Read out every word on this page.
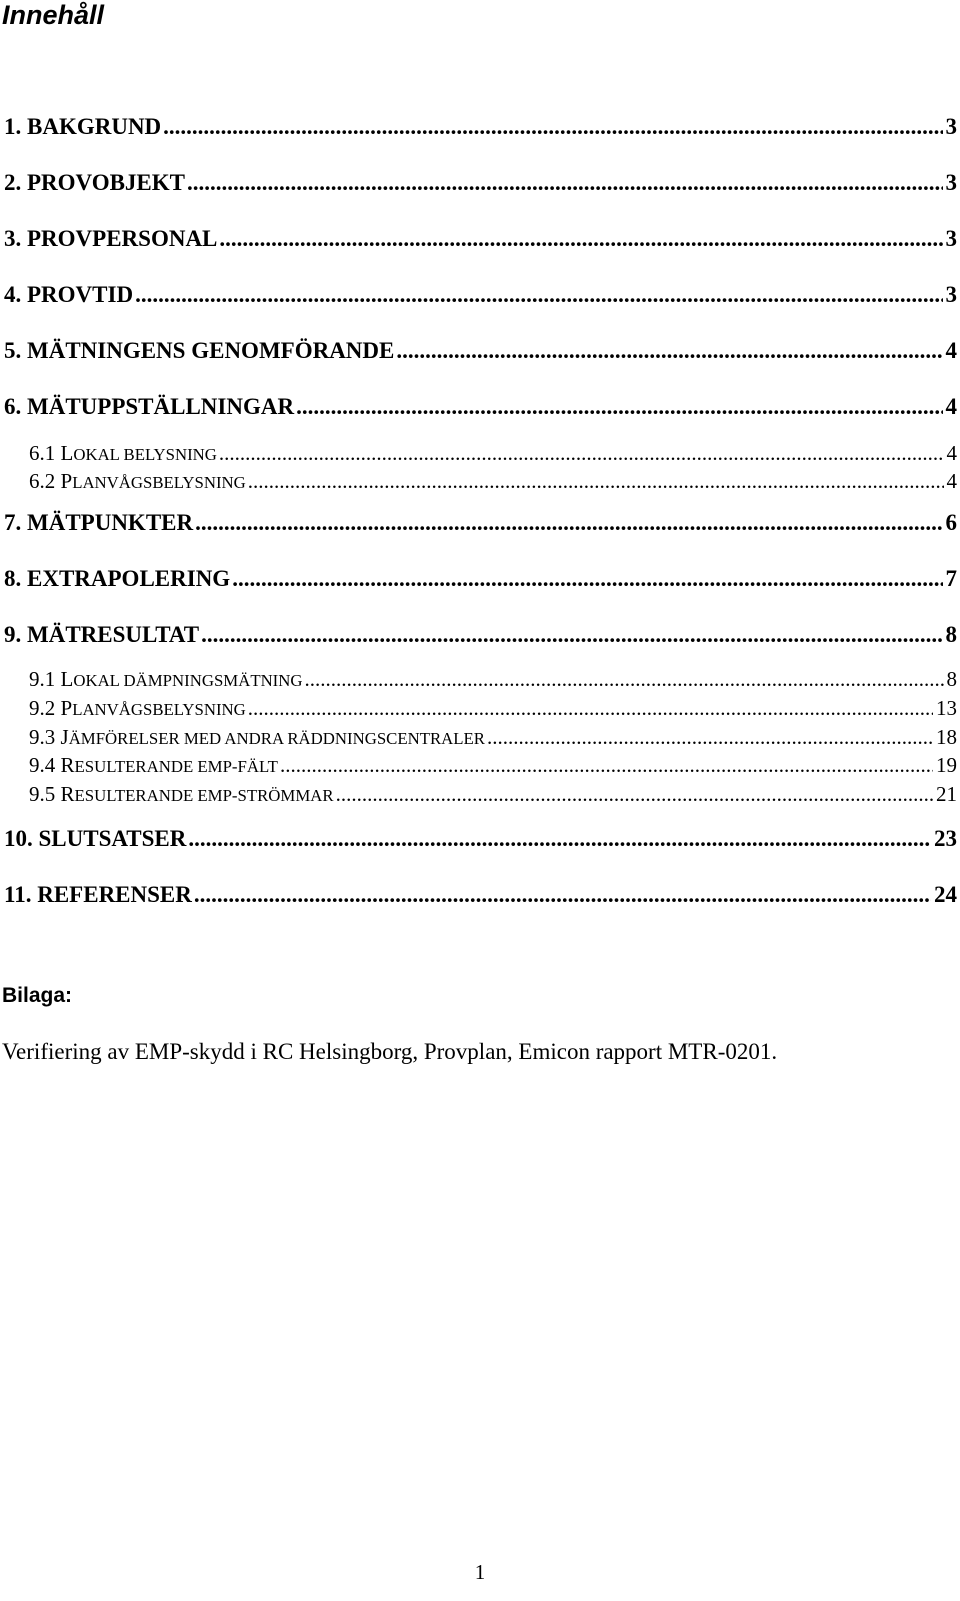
Innehåll
1. BAKGRUND .....	3
2. PROVOBJEKT .....	3
3. PROVPERSONAL .....	3
4. PROVTID .....	3
5. MÄTNINGENS GENOMFÖRANDE .....	4
6. MÄTUPPSTÄLLNINGAR .....	4
6.1 LOKAL BELYSNING .....	4
6.2 PLANVÅGSBELYSNING .....	4
7. MÄTPUNKTER .....	6
8. EXTRAPOLERING .....	7
9. MÄTRESULTAT .....	8
9.1 LOKAL DÄMPNINGSMÄTNING .....	8
9.2 PLANVÅGSBELYSNING .....	13
9.3 JÄMFÖRELSER MED ANDRA RÄDDNINGSCENTRALER .....	18
9.4 RESULTERANDE EMP-FÄLT .....	19
9.5 RESULTERANDE EMP-STRÖMMAR .....	21
10. SLUTSATSER .....	23
11. REFERENSER .....	24
Bilaga:
Verifiering av EMP-skydd i RC Helsingborg, Provplan, Emicon rapport MTR-0201.
1
